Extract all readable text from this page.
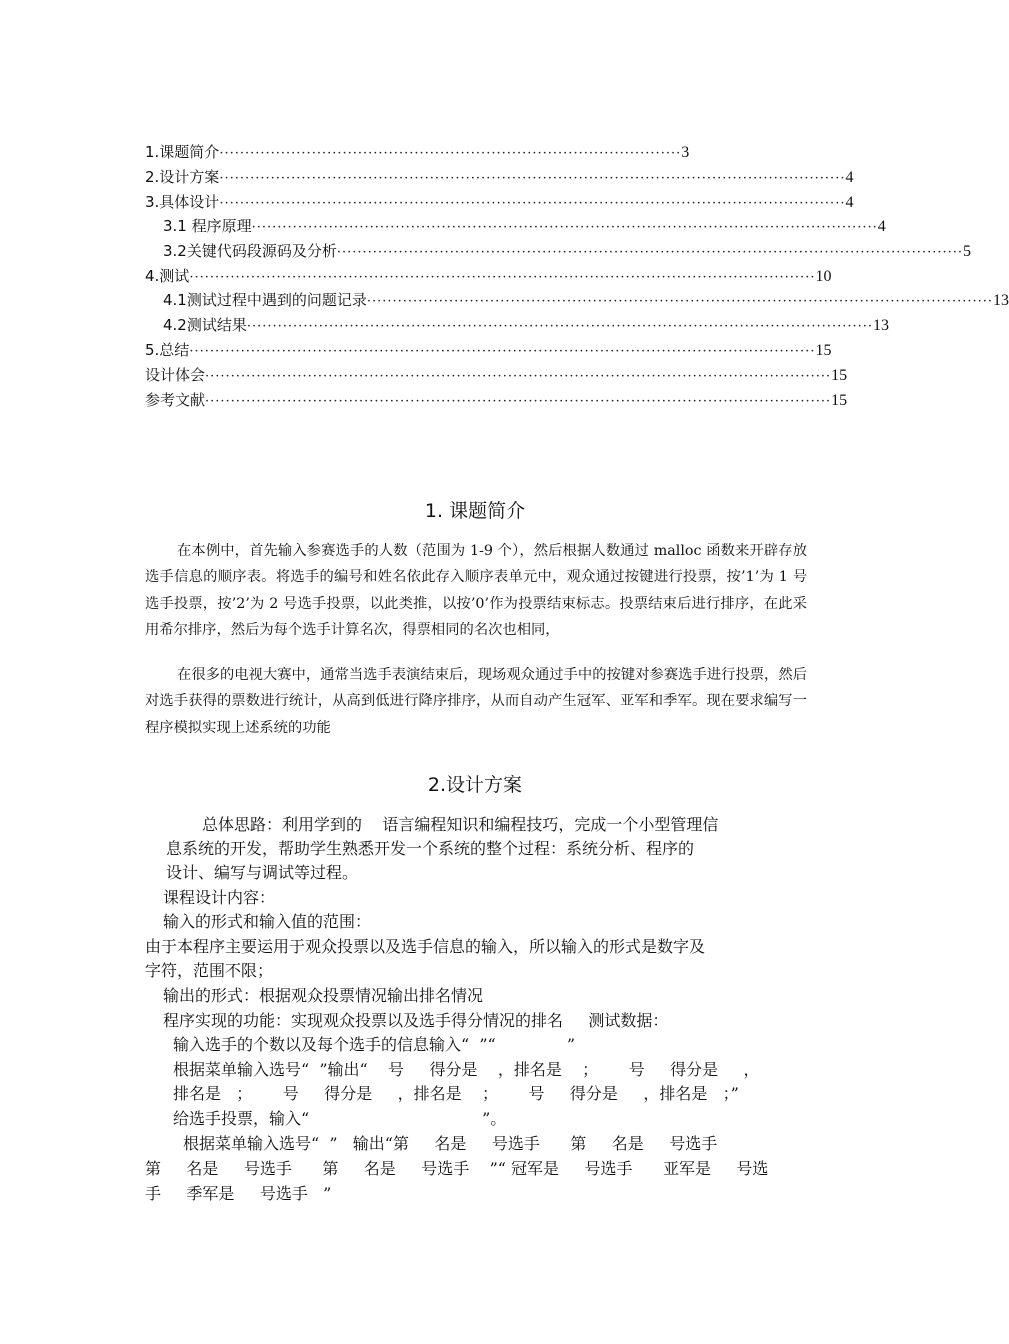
1.课题简介 ·························································································· 3
2.设计方案 ·························································································································· 4
3.具体设计 ·························································································································· 4
3.1 程序原理 ·························································································································· 4
3.2关键代码段源码及分析 ·························································································································· 5
4.测试 ·························································································································· 10
4.1测试过程中遇到的问题记录 ·························································································································· 13
4.2测试结果 ·························································································································· 13
5.总结 ·························································································································· 15
设计体会 ·························································································································· 15
参考文献 ·························································································································· 15
1. 课题简介
在本例中，首先输入参赛选手的人数（范围为 1-9 个），然后根据人数通过 malloc 函数来开辟存放选手信息的顺序表。将选手的编号和姓名依此存入顺序表单元中，观众通过按键进行投票，按’1’为 1 号选手投票，按’2’为 2 号选手投票，以此类推，以按’0’作为投票结束标志。投票结束后进行排序，在此采用希尔排序，然后为每个选手计算名次，得票相同的名次也相同，
在很多的电视大赛中，通常当选手表演结束后，现场观众通过手中的按键对参赛选手进行投票，然后对选手获得的票数进行统计，从高到低进行降序排序，从而自动产生冠军、亚军和季军。现在要求编写一程序模拟实现上述系统的功能
2.设计方案
总体思路：利用学到的    语言编程知识和编程技巧，完成一个小型管理信
息系统的开发，帮助学生熟悉开发一个系统的整个过程：系统分析、程序的
设计、编写与调试等过程。
课程设计内容：
输入的形式和输入值的范围：
由于本程序主要运用于观众投票以及选手信息的输入，所以输入的形式是数字及
字符，范围不限；
输出的形式：根据观众投票情况输出排名情况
程序实现的功能：实现观众投票以及选手得分情况的排名     测试数据：
输入选手的个数以及每个选手的信息输入“  ”“              ”
根据菜单输入选号“  ”输出“    号     得分是    ，排名是    ；      号     得分是     ，
排名是   ；      号     得分是     ，排名是    ；      号     得分是     ，排名是   ；”
给选手投票，输入“                                  ”。
根据菜单输入选号“  ”   输出“第     名是     号选手      第     名是     号选手
第     名是     号选手      第     名是     号选手    ”“ 冠军是     号选手      亚军是     号选
手     季军是     号选手   ”
